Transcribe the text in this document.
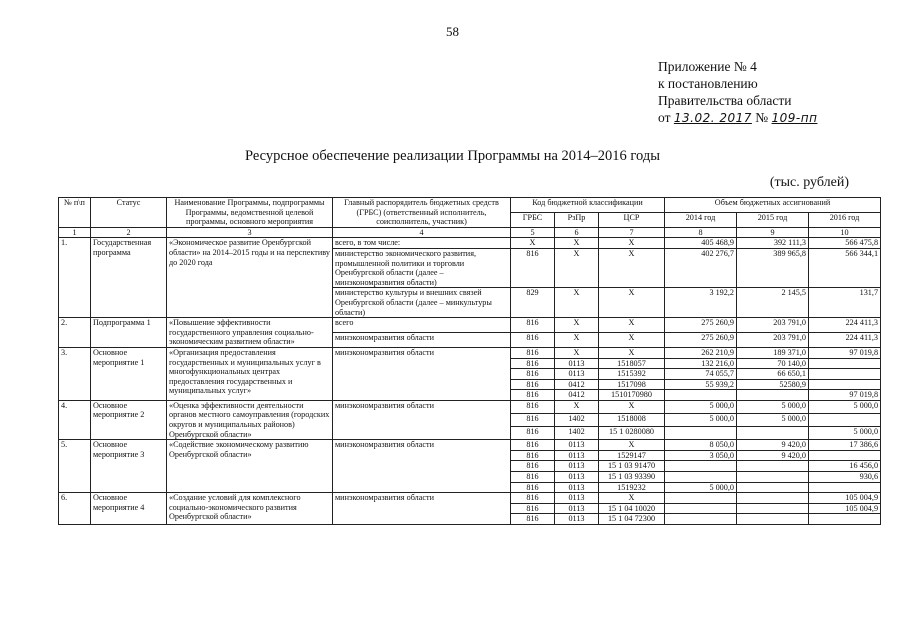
58
Приложение № 4
к постановлению
Правительства области
от 13.02. 2017 № 109-пп
Ресурсное обеспечение реализации Программы на 2014–2016 годы
(тыс. рублей)
№ п\п	Статус	Наименование Программы, подпрограммы Программы, ведомственной целевой программы, основного мероприятия	Главный распорядитель бюджетных средств (ГРБС) (ответственный исполнитель, соисполнитель, участник)	Код бюджетной классификации			Объем бюджетных ассигнований		
				ГРБС	РзПр	ЦСР	2014 год	2015 год	2016 год
1	2	3	4	5	6	7	8	9	10
1.	Государственная программа	«Экономическое развитие Оренбургской области» на 2014–2015 годы и на перспективу до 2020 года	всего, в том числе:	X	X	X	405 468,9	392 111,3	566 475,8
			министерство экономического развития, промышленной политики и торговли Оренбургской области (далее – минэкономразвития области)	816	X	X	402 276,7	389 965,8	566 344,1
			министерство культуры и внешних связей Оренбургской области (далее – минкультуры области)	829	X	X	3 192,2	2 145,5	131,7
2.	Подпрограмма 1	«Повышение эффективности государственного управления социально-экономическим развитием области»	всего	816	X	X	275 260,9	203 791,0	224 411,3
			минэкономразвития области	816	X	X	275 260,9	203 791,0	224 411,3
3.	Основное мероприятие 1	«Организация предоставления государственных и муниципальных услуг в многофункциональных центрах предоставления государственных и муниципальных услуг»	минэкономразвития области	816	X	X	262 210,9	189 371,0	97 019,8
				816	0113	1518057	132 216,0	70 140,0	
				816	0113	1515392	74 055,7	66 650,1	
				816	0412	1517098	55 939,2	52580,9	
				816	0412	1510170980			97 019,8
4.	Основное мероприятие 2	«Оценка эффективности деятельности органов местного самоуправления (городских округов и муниципальных районов) Оренбургской области»	минэкономразвития области	816	X	X	5 000,0	5 000,0	5 000,0
				816	1402	1518008	5 000,0	5 000,0	
				816	1402	15 1 0280080			5 000,0
5.	Основное мероприятие 3	«Содействие экономическому развитию Оренбургской области»	минэкономразвития области	816	0113	X	8 050,0	9 420,0	17 386,6
				816	0113	1529147	3 050,0	9 420,0	
				816	0113	15 1 03 91470			16 456,0
				816	0113	15 1 03 93390			930,6
				816	0113	1519232	5 000,0		
6.	Основное мероприятие 4	«Создание условий для комплексного социально-экономического развития Оренбургской области»	минэкономразвития области	816	0113	X			105 004,9
				816	0113	15 1 04 10020			105 004,9
				816	0113	15 1 04 72300			
